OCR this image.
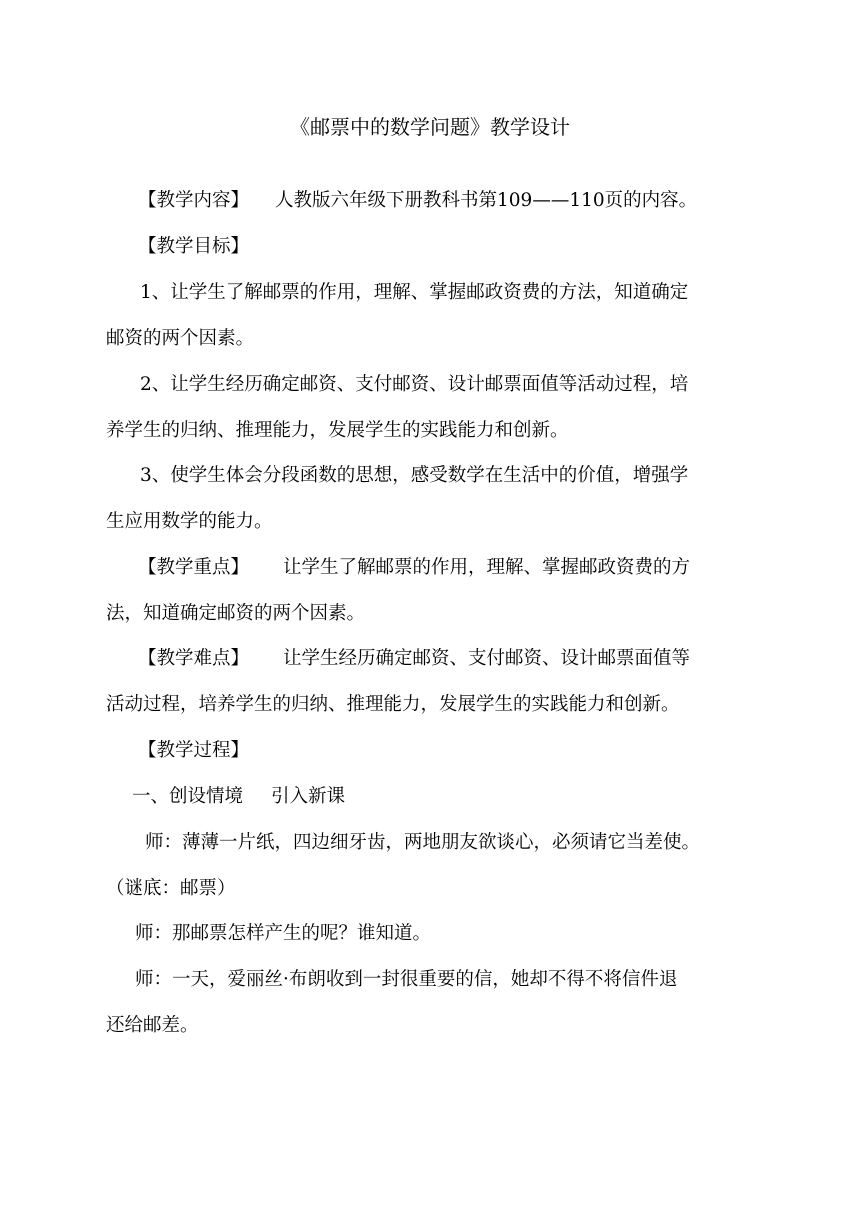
《邮票中的数学问题》教学设计
【教学内容】 人教版六年级下册教科书第109——110页的内容。
【教学目标】
1、让学生了解邮票的作用，理解、掌握邮政资费的方法，知道确定
邮资的两个因素。
2、让学生经历确定邮资、支付邮资、设计邮票面值等活动过程，培
养学生的归纳、推理能力，发展学生的实践能力和创新。
3、使学生体会分段函数的思想，感受数学在生活中的价值，增强学
生应用数学的能力。
【教学重点】 让学生了解邮票的作用，理解、掌握邮政资费的方
法，知道确定邮资的两个因素。
【教学难点】 让学生经历确定邮资、支付邮资、设计邮票面值等
活动过程，培养学生的归纳、推理能力，发展学生的实践能力和创新。
【教学过程】
一、创设情境 引入新课
师：薄薄一片纸，四边细牙齿，两地朋友欲谈心，必须请它当差使。
（谜底：邮票）
师：那邮票怎样产生的呢？谁知道。
师：一天，爱丽丝·布朗收到一封很重要的信，她却不得不将信件退
还给邮差。
